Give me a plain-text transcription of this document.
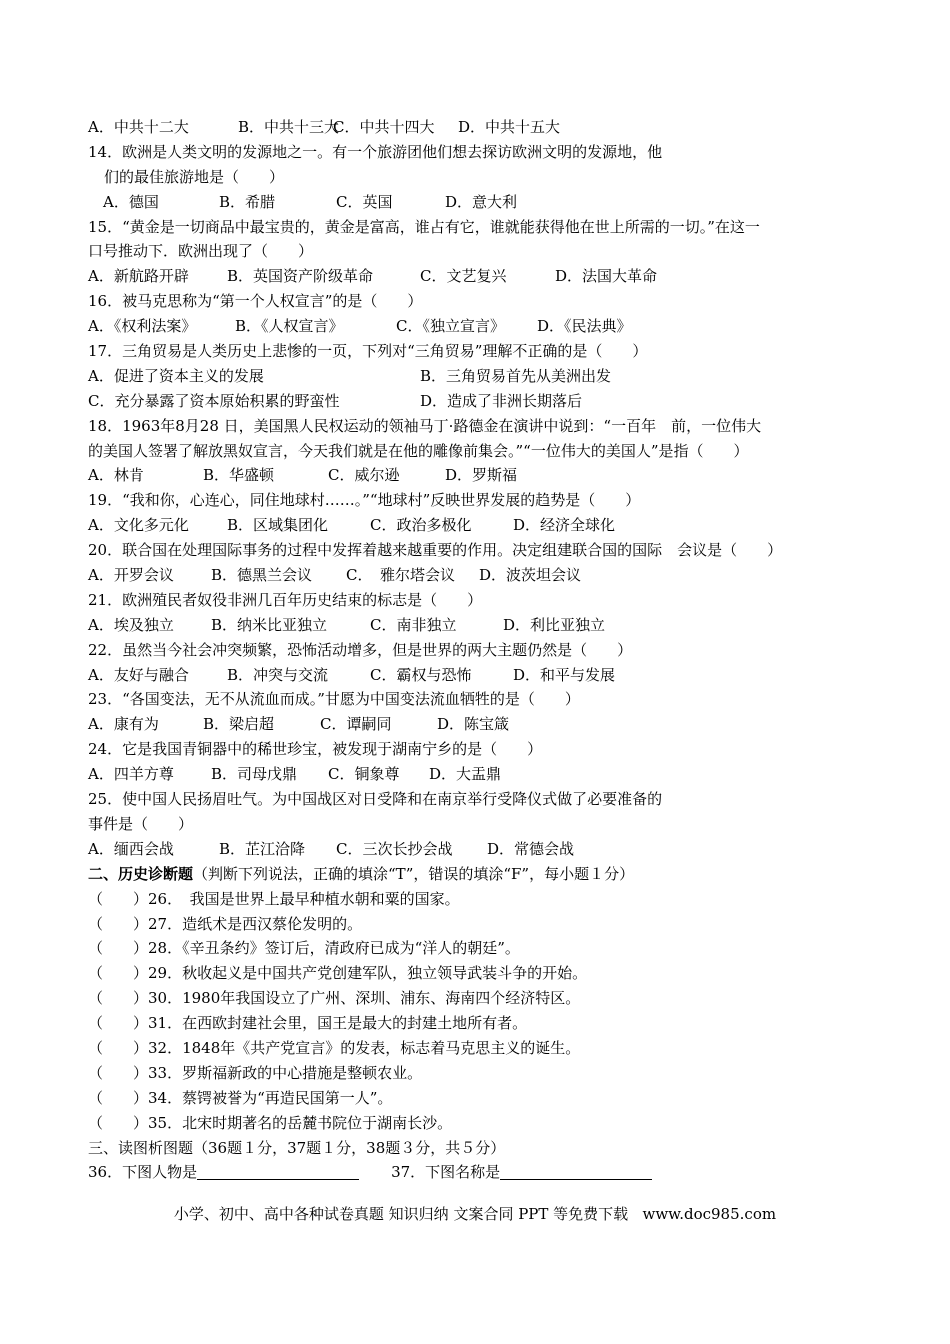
A．中共十二大	B．中共十三大C．中共十四大 D．中共十五大
14．欧洲是人类文明的发源地之一。有一个旅游团他们想去探访欧洲文明的发源地，他
们的最佳旅游地是（　　）
　A．德国	B．希腊	C．英国	D．意大利
15．“黄金是一切商品中最宝贵的，黄金是富高，谁占有它，谁就能获得他在世上所需的一切。”在这一
口号推动下．欧洲出现了（　　）
A．新航路开辟	B．英国资产阶级革命	C．文艺复兴	D．法国大革命
16．被马克思称为“第一个人权宣言”的是（　　）
A．《权利法案》	B．《人权宣言》	C．《独立宣言》 D．《民法典》
17．三角贸易是人类历史上悲惨的一页，下列对“三角贸易”理解不正确的是（　　）
A．促进了资本主义的发展	B．三角贸易首先从美洲出发
C．充分暴露了资本原始积累的野蛮性	D．造成了非洲长期落后
18．1963年8月28 日，美国黑人民权运动的领袖马丁·路德金在演讲中说到：“一百年　前，一位伟大
的美国人签署了解放黑奴宣言，今天我们就是在他的雕像前集会。”“一位伟大的美国人”是指（　　）
A．林肯	B．华盛顿	C．威尔逊	D．罗斯福
19．“我和你，心连心，同住地球村……。”“地球村”反映世界发展的趋势是（　　）
A．文化多元化	B．区域集团化	C．政治多极化	D．经济全球化
20．联合国在处理国际事务的过程中发挥着越来越重要的作用。决定组建联合国的国际　会议是（　　）
A．开罗会议 B．德黑兰会议 C．　雅尔塔会议 D．波茨坦会议
21．欧洲殖民者奴役非洲几百年历史结束的标志是（　　）
A．埃及独立 B．纳米比亚独立	C．南非独立	D．利比亚独立
22．虽然当今社会冲突频繁，恐怖活动增多，但是世界的两大主题仍然是（　　）
A．友好与融合	B．冲突与交流	C．霸权与恐怖	D．和平与发展
23．“各国变法，无不从流血而成。”甘愿为中国变法流血牺牲的是（　　）
A．康有为	B．梁启超	C．谭嗣同	D．陈宝箴
24．它是我国青铜器中的稀世珍宝，被发现于湖南宁乡的是（　　）
A．四羊方尊 B．司母戊鼎 C．铜象尊 D．大盂鼎
25．使中国人民扬眉吐气。为中国战区对日受降和在南京举行受降仪式做了必要准备的
事件是（　　）
A．缅西会战	B．芷江洽降 C．三次长抄会战 D．常德会战
二、历史诊断题（判断下列说法，正确的填涂“T”，错误的填涂“F”，每小题１分）
（　　）26．　我国是世界上最早种植水朝和粟的国家。
（　　）27．造纸术是西汉蔡伦发明的。
（　　）28．《辛丑条约》签订后，清政府已成为“洋人的朝廷”。
（　　）29．秋收起义是中国共产党创建军队，独立领导武装斗争的开始。
（　　）30．1980年我国设立了广州、深圳、浦东、海南四个经济特区。
（　　）31．在西欧封建社会里，国王是最大的封建土地所有者。
（　　）32．1848年《共产党宣言》的发表，标志着马克思主义的诞生。
（　　）33．罗斯福新政的中心措施是整顿农业。
（　　）34．蔡锷被誉为“再造民国第一人”。
（　　）35．北宋时期著名的岳麓书院位于湖南长沙。
三、读图析图题（36题１分，37题１分，38题３分，共５分）
36．下图人物是	37．下图名称是
小学、初中、高中各种试卷真题 知识归纳 文案合同 PPT 等免费下载   www.doc985.com
